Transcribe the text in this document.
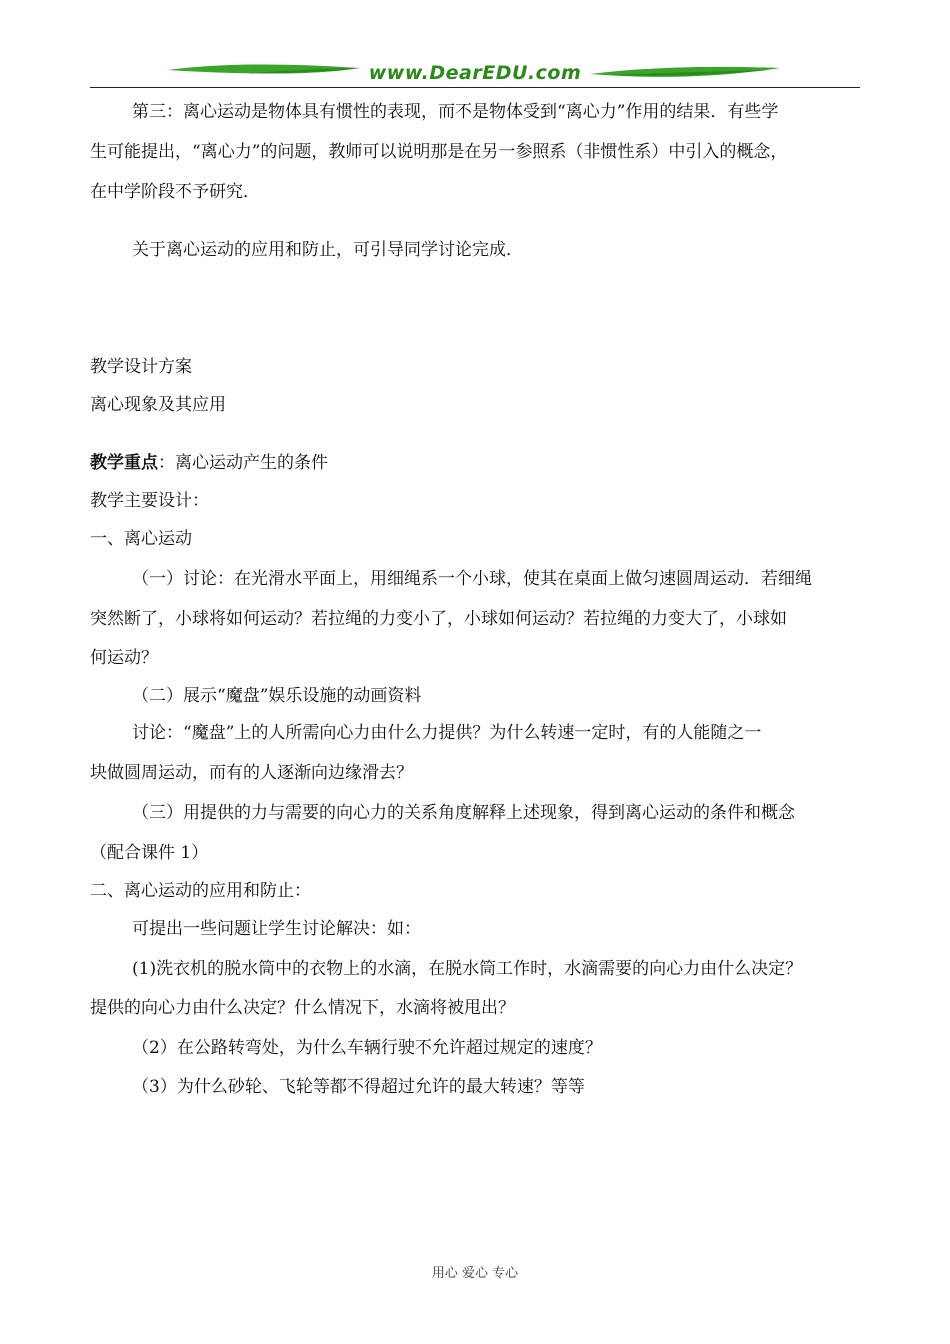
www.DearEDU.com
第三：离心运动是物体具有惯性的表现，而不是物体受到“离心力”作用的结果．有些学
生可能提出，“离心力”的问题，教师可以说明那是在另一参照系（非惯性系）中引入的概念，
在中学阶段不予研究．
关于离心运动的应用和防止，可引导同学讨论完成．
教学设计方案
离心现象及其应用
教学重点：离心运动产生的条件
教学主要设计：
一、离心运动
（一）讨论：在光滑水平面上，用细绳系一个小球，使其在桌面上做匀速圆周运动．若细绳
突然断了，小球将如何运动？若拉绳的力变小了，小球如何运动？若拉绳的力变大了，小球如
何运动？
（二）展示“魔盘”娱乐设施的动画资料
讨论：“魔盘”上的人所需向心力由什么力提供？为什么转速一定时，有的人能随之一
块做圆周运动，而有的人逐渐向边缘滑去？
（三）用提供的力与需要的向心力的关系角度解释上述现象，得到离心运动的条件和概念
（配合课件 1）
二、离心运动的应用和防止：
可提出一些问题让学生讨论解决：如：
(1)洗衣机的脱水筒中的衣物上的水滴，在脱水筒工作时，水滴需要的向心力由什么决定？
提供的向心力由什么决定？什么情况下，水滴将被甩出？
（2）在公路转弯处，为什么车辆行驶不允许超过规定的速度？
（3）为什么砂轮、飞轮等都不得超过允许的最大转速？等等
用心 爱心 专心
